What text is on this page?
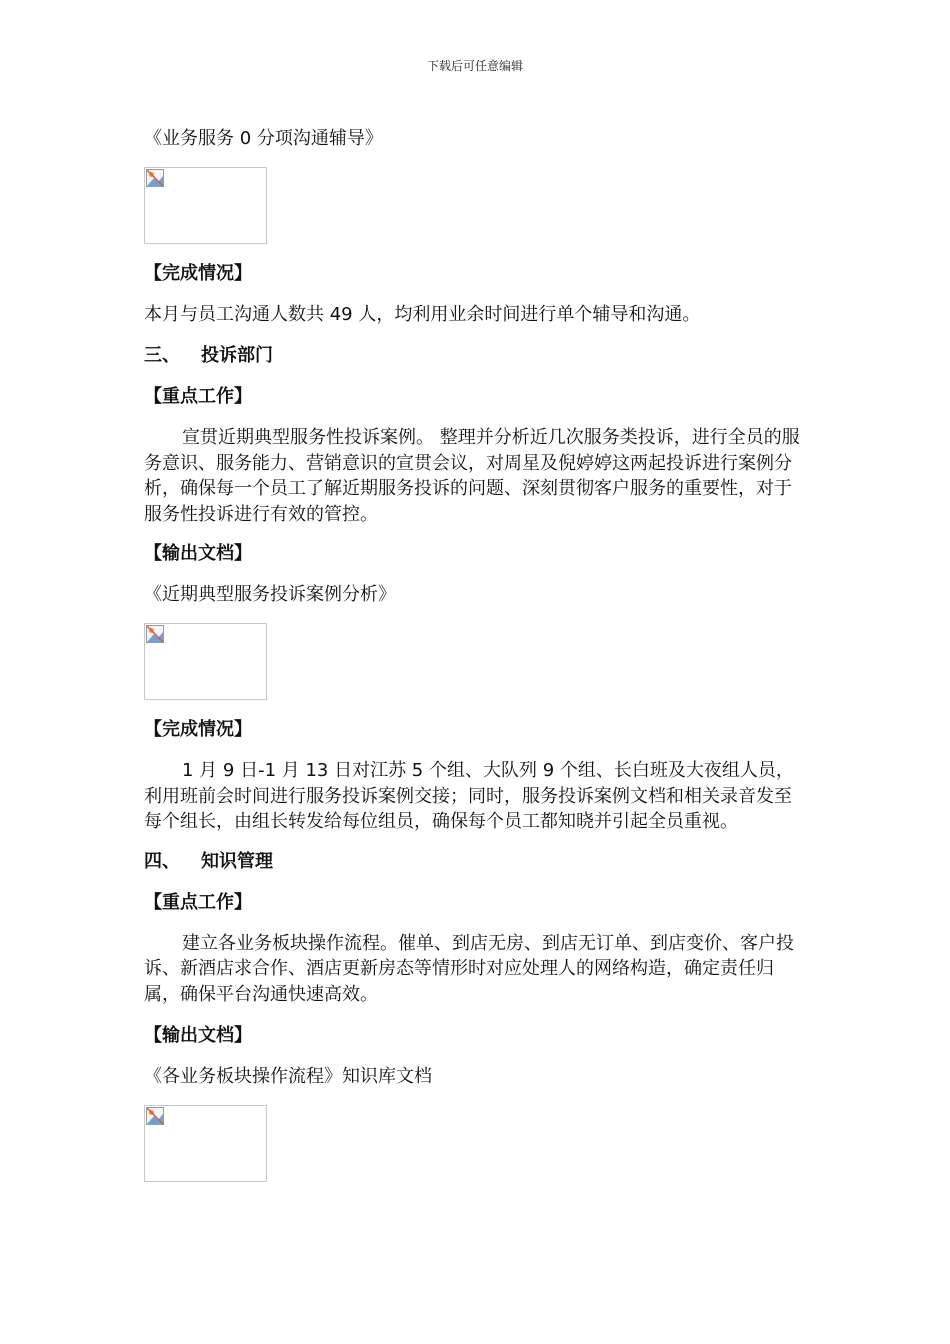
下载后可任意编辑

《业务服务 0 分项沟通辅导》

【完成情况】

本月与员工沟通人数共 49 人，均利用业余时间进行单个辅导和沟通。

三、 投诉部门

【重点工作】

宣贯近期典型服务性投诉案例。 整理并分析近几次服务类投诉，进行全员的服务意识、服务能力、营销意识的宣贯会议，对周星及倪婷婷这两起投诉进行案例分析，确保每一个员工了解近期服务投诉的问题、深刻贯彻客户服务的重要性，对于服务性投诉进行有效的管控。

【输出文档】

《近期典型服务投诉案例分析》

【完成情况】

1 月 9 日-1 月 13 日对江苏 5 个组、大队列 9 个组、长白班及大夜组人员，利用班前会时间进行服务投诉案例交接；同时，服务投诉案例文档和相关录音发至每个组长，由组长转发给每位组员，确保每个员工都知晓并引起全员重视。

四、 知识管理

【重点工作】

建立各业务板块操作流程。催单、到店无房、到店无订单、到店变价、客户投诉、新酒店求合作、酒店更新房态等情形时对应处理人的网络构造，确定责任归属，确保平台沟通快速高效。

【输出文档】

《各业务板块操作流程》知识库文档
